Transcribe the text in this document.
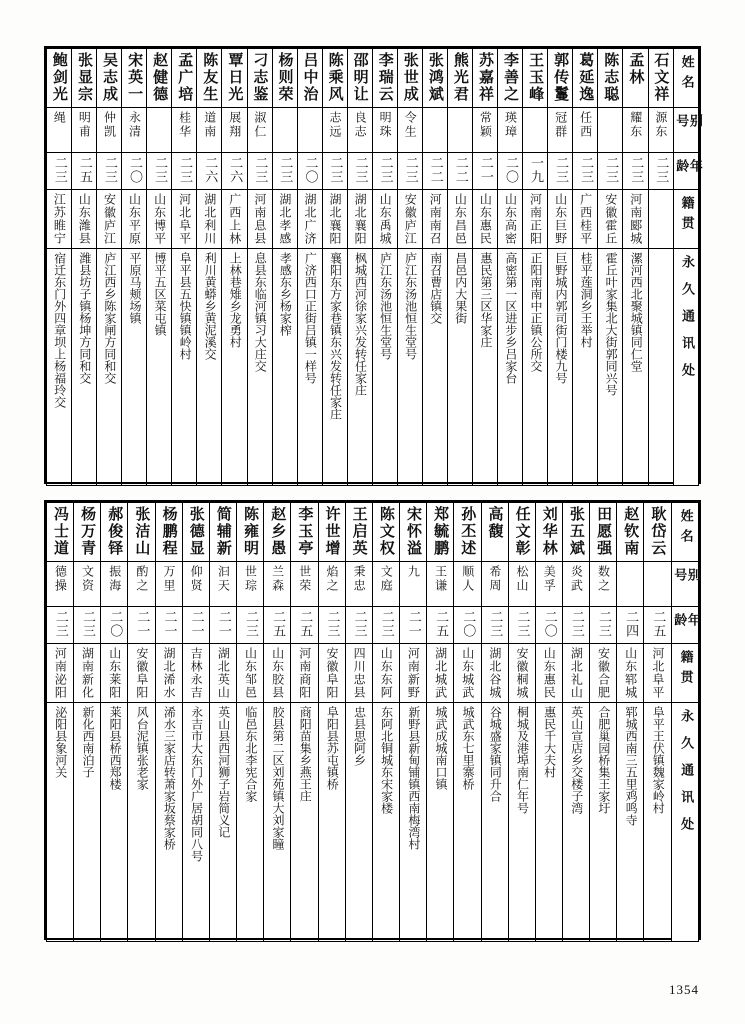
鲍剑光	张显宗	吴志成	宋英一	赵健德	孟广培	陈友生	覃日光	刁志鉴	杨则荣	吕中治	陈乘风	邵明让	李瑞云	张世成	张鸿斌	熊光君	苏嘉祥	李善之	王玉峰	郭传鬘	葛延逸	陈志聪	孟林	石文祥	姓名

绳	明甫	仲凯	永清		桂华	道南	展翔	淑仁			志远	良志	明珠	令生			常颖	瑛璋		冠群	任西		耀东	源东	别号

二三	二五	二三	二〇	二三	二三	二六	二六	二三	二三	二〇	二三	二三	二三	二三	二二	二二	二一	二〇	一九	二三	二三	二三	二三	二三	年龄

江苏睢宁	山东潍县	安徽庐江	山东平原	山东博平	河北阜平	湖北利川	广西上林	河南息县	湖北孝感	湖北广济	湖北襄阳	湖北襄阳	山东禹城	安徽庐江	河南南召	山东昌邑	山东惠民	山东高密	河南正阳	山东巨野	广西桂平	安徽霍丘	河南郾城		籍贯

宿迁东门外四章坝上杨福玲交	潍县坊子镇杨坤方同和交	庐江西乡陈家闸方同和交	平原马颊场镇	博平五区菜屯镇	阜平县五快镇镇岭村	利川黄蟒乡黄泥溪交	上林巷雉乡龙勇村	息县东临河镇习大庄交	孝感东乡杨家榨	广济西口正街吕镇一样号	襄阳东方家巷镇东兴发转任家庄	枫城西河徐家兴发转任家庄	庐江东汤池恒生堂号	庐江东汤池恒生堂号	南召曹店镇交	昌邑内大果街	惠民第三区华家庄	高密第一区进步乡吕家台	正阳南南中正镇公所交	巨野城内郭司街门楼九号	桂平莲洞乡王举村	霍丘叶家集北大街郭同兴号	漯河西北聚城镇同仁堂		永久通讯处
冯士道	杨万青	郝俊铎	张洁山	杨鹏程	张德显	简辅新	陈雍明	赵乡愚	李玉亭	许世增	王启英	陈文权	宋怀溢	郑毓鹏	孙丕述	高馥	任文彰	刘华林	张五斌	田愿强	赵钦南	耿岱云	姓名

德操	文资	振海	酌之	万里	仰贤	汩天	世琮	兰森	世荣	焰之	秉忠	文庭	九	王谦	顺人	希周	松山	美孚	炎武	数之			别号

二三	二三	二〇	二一	二一	二一	二一	二三	二五	二五	二三	二三	二三	二一	二五	二〇	二三	二三	二〇	二三	二三	二四	二五	年龄

河南泌阳	湖南新化	山东莱阳	安徽阜阳	湖北浠水	吉林永吉	湖北英山	山东邹邑	山东胶县	河南商阳	安徽阜阳	四川忠县	山东东阿	河南新野	湖北城武	山东城武	湖北谷城	安徽桐城	山东惠民	湖北礼山	安徽合肥	山东郓城	河北阜平	籍贯

泌阳县象河关	新化西南泊子	莱阳县桥西郑楼	风台泥镇张老家	浠水三家店转萧家坂蔡家桥	永吉市大东门外广居胡同八号	英山县西河狮子岩简义记	临邑东北李宪合家	胶县第二区刘苑镇大刘家瞳	商阳苗集乡燕王庄	阜阳县苏屯镇桥	忠县思阿乡	东阿北铜城东宋家楼	新野县新甸铺镇西南梅湾村	城武成城南口镇	城武东七里寨桥	谷城盛家镇同升合	桐城及港埠南仁年号	惠民千大夫村	英山宣店乡交楼子湾	合肥巢园桥集王家圩	郓城西南三五里鸡鸣寺	阜平王伏镇魏家岭村	永久通讯处
1354
